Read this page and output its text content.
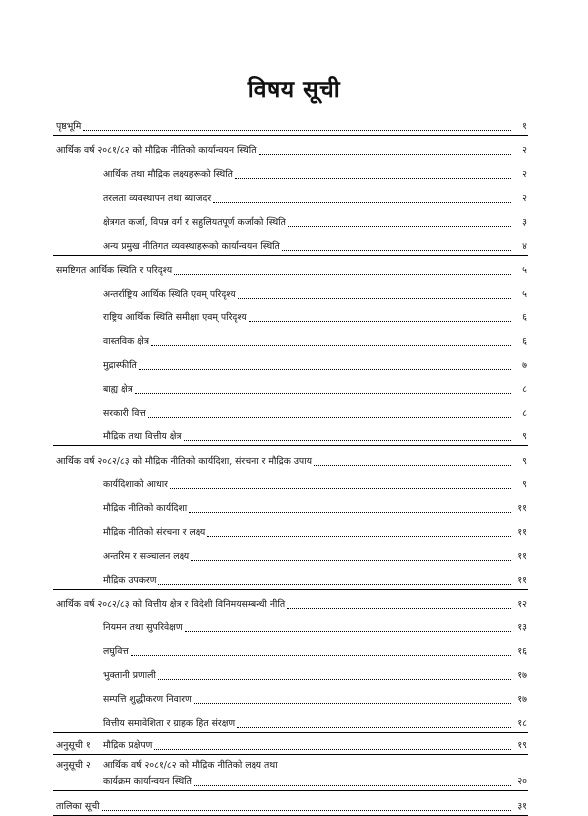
विषय सूची
पृष्ठभूमि	१
आर्थिक वर्ष २०८१/८२ को मौद्रिक नीतिको कार्यान्वयन स्थिति	२
आर्थिक तथा मौद्रिक लक्ष्यहरूको स्थिति	२
तरलता व्यवस्थापन तथा ब्याजदर	२
क्षेत्रगत कर्जा, विपन्न वर्ग र सहुलियतपूर्ण कर्जाको स्थिति	३
अन्य प्रमुख नीतिगत व्यवस्थाहरूको कार्यान्वयन स्थिति	४
समष्टिगत आर्थिक स्थिति र परिदृश्य	५
अन्तर्राष्ट्रिय आर्थिक स्थिति एवम् परिदृश्य	५
राष्ट्रिय आर्थिक स्थिति समीक्षा एवम् परिदृश्य	६
वास्तविक क्षेत्र	६
मुद्रास्फीति	७
बाह्य क्षेत्र	८
सरकारी वित्त	८
मौद्रिक तथा वित्तीय क्षेत्र	९
आर्थिक वर्ष २०८२/८३ को मौद्रिक नीतिको कार्यदिशा, संरचना र मौद्रिक उपाय	९
कार्यदिशाको आधार	९
मौद्रिक नीतिको कार्यदिशा	११
मौद्रिक नीतिको संरचना र लक्ष्य	११
अन्तरिम र सञ्चालन लक्ष्य	११
मौद्रिक उपकरण	११
आर्थिक वर्ष २०८२/८३ को वित्तीय क्षेत्र र विदेशी विनिमयसम्बन्धी नीति	१२
नियमन तथा सुपरिवेक्षण	१३
लघुवित्त	१६
भुक्तानी प्रणाली	१७
सम्पत्ति शुद्धीकरण निवारण	१७
वित्तीय समावेशिता र ग्राहक हित संरक्षण	१८
अनुसूची १	मौद्रिक प्रक्षेपण	१९
अनुसूची २	आर्थिक वर्ष २०८१/८२ को मौद्रिक नीतिको लक्ष्य तथा
कार्यक्रम कार्यान्वयन स्थिति	२०
तालिका सूची	३१
